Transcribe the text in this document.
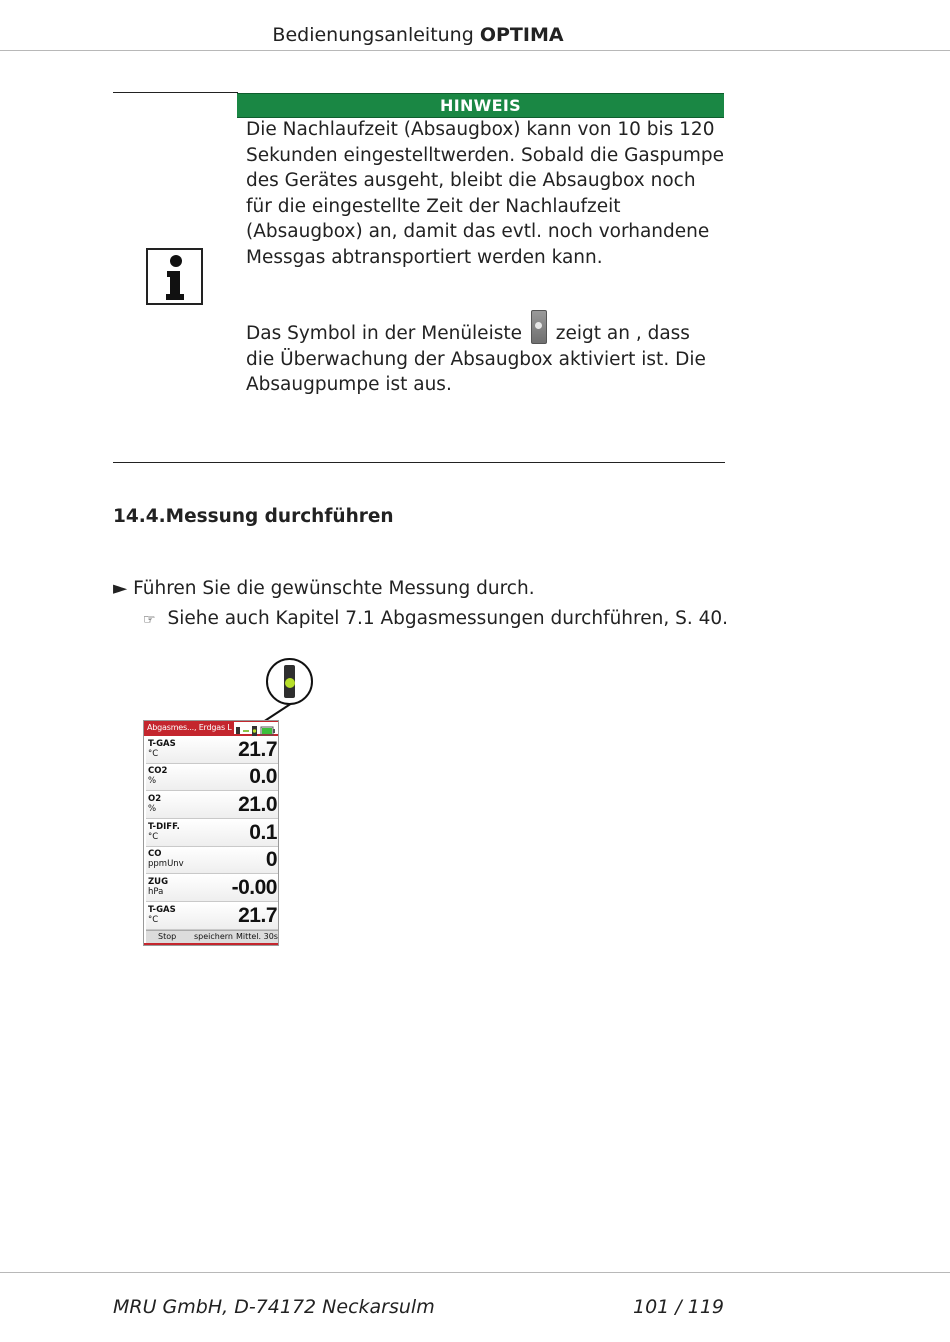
Bedienungsanleitung OPTIMA
HINWEIS
Die Nachlaufzeit (Absaugbox) kann von 10 bis 120 Sekunden eingestelltwerden. Sobald die Gaspumpe des Gerätes ausgeht, bleibt die Absaugbox noch für die eingestellte Zeit der Nachlaufzeit (Absaugbox) an, damit das evtl. noch vorhandene Messgas abtransportiert werden kann.
Das Symbol in der Menüleiste zeigt an , dass die Überwachung der Absaugbox aktiviert ist. Die Absaugpumpe ist aus.
14.4.Messung durchführen
► Führen Sie die gewünschte Messung durch.
☞ Siehe auch Kapitel 7.1 Abgasmessungen durchführen, S. 40.
Abgasmes..., Erdgas L
T-GAS
°C	21.7
CO2
%	0.0
O2
%	21.0
T-DIFF.
°C	0.1
CO
ppmUnv	0
ZUG
hPa	-0.00
T-GAS
°C	21.7
Stop speichern Mittel. 30s
MRU GmbH, D-74172 Neckarsulm	101 / 119
